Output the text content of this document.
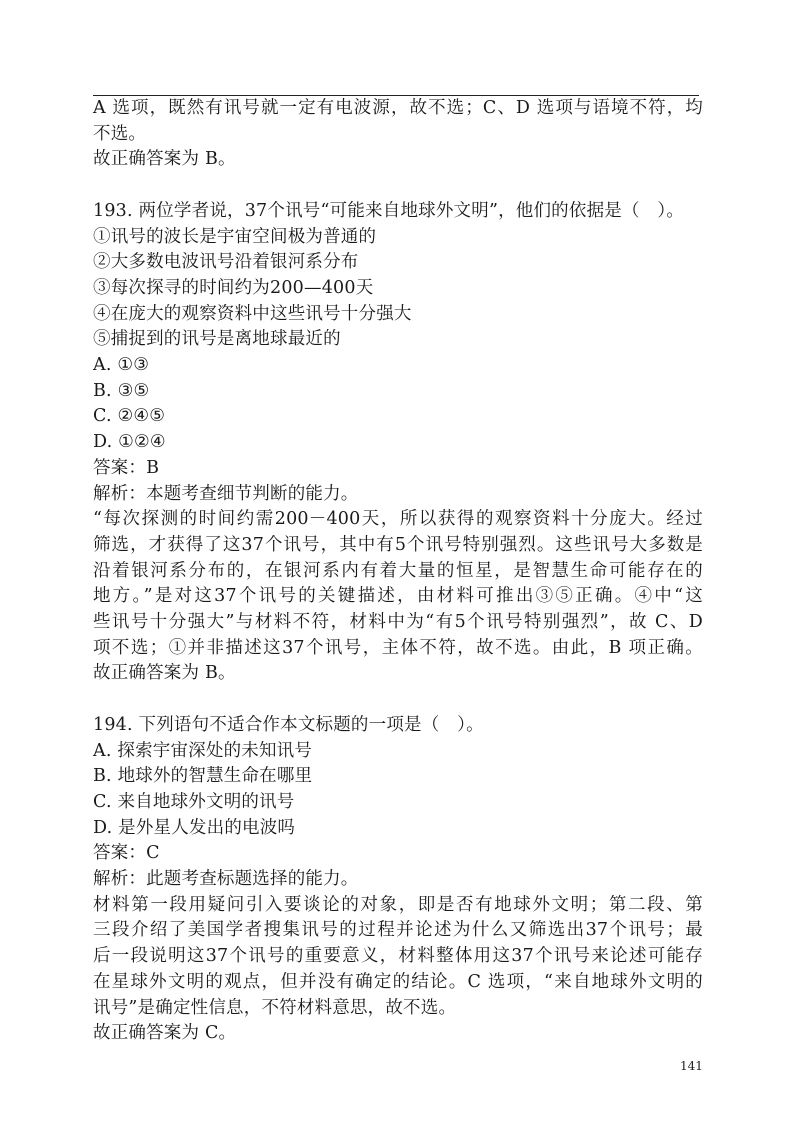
A 选项，既然有讯号就一定有电波源，故不选；C、D 选项与语境不符，均
不选。
故正确答案为 B。
193. 两位学者说，37个讯号“可能来自地球外文明”，他们的依据是（　）。
①讯号的波长是宇宙空间极为普通的
②大多数电波讯号沿着银河系分布
③每次探寻的时间约为200—400天
④在庞大的观察资料中这些讯号十分强大
⑤捕捉到的讯号是离地球最近的
A. ①③
B. ③⑤
C. ②④⑤
D. ①②④
答案：B
解析：本题考查细节判断的能力。
“每次探测的时间约需200－400天，所以获得的观察资料十分庞大。经过
筛选，才获得了这37个讯号，其中有5个讯号特别强烈。这些讯号大多数是
沿着银河系分布的，在银河系内有着大量的恒星，是智慧生命可能存在的
地方。”是对这37个讯号的关键描述，由材料可推出③⑤正确。④中“这
些讯号十分强大”与材料不符，材料中为“有5个讯号特别强烈”，故 C、D
项不选；①并非描述这37个讯号，主体不符，故不选。由此，B 项正确。
故正确答案为 B。
194. 下列语句不适合作本文标题的一项是（　）。
A. 探索宇宙深处的未知讯号
B. 地球外的智慧生命在哪里
C. 来自地球外文明的讯号
D. 是外星人发出的电波吗
答案：C
解析：此题考查标题选择的能力。
材料第一段用疑问引入要谈论的对象，即是否有地球外文明；第二段、第
三段介绍了美国学者搜集讯号的过程并论述为什么又筛选出37个讯号；最
后一段说明这37个讯号的重要意义，材料整体用这37个讯号来论述可能存
在星球外文明的观点，但并没有确定的结论。C 选项，“来自地球外文明的
讯号”是确定性信息，不符材料意思，故不选。
故正确答案为 C。
141
